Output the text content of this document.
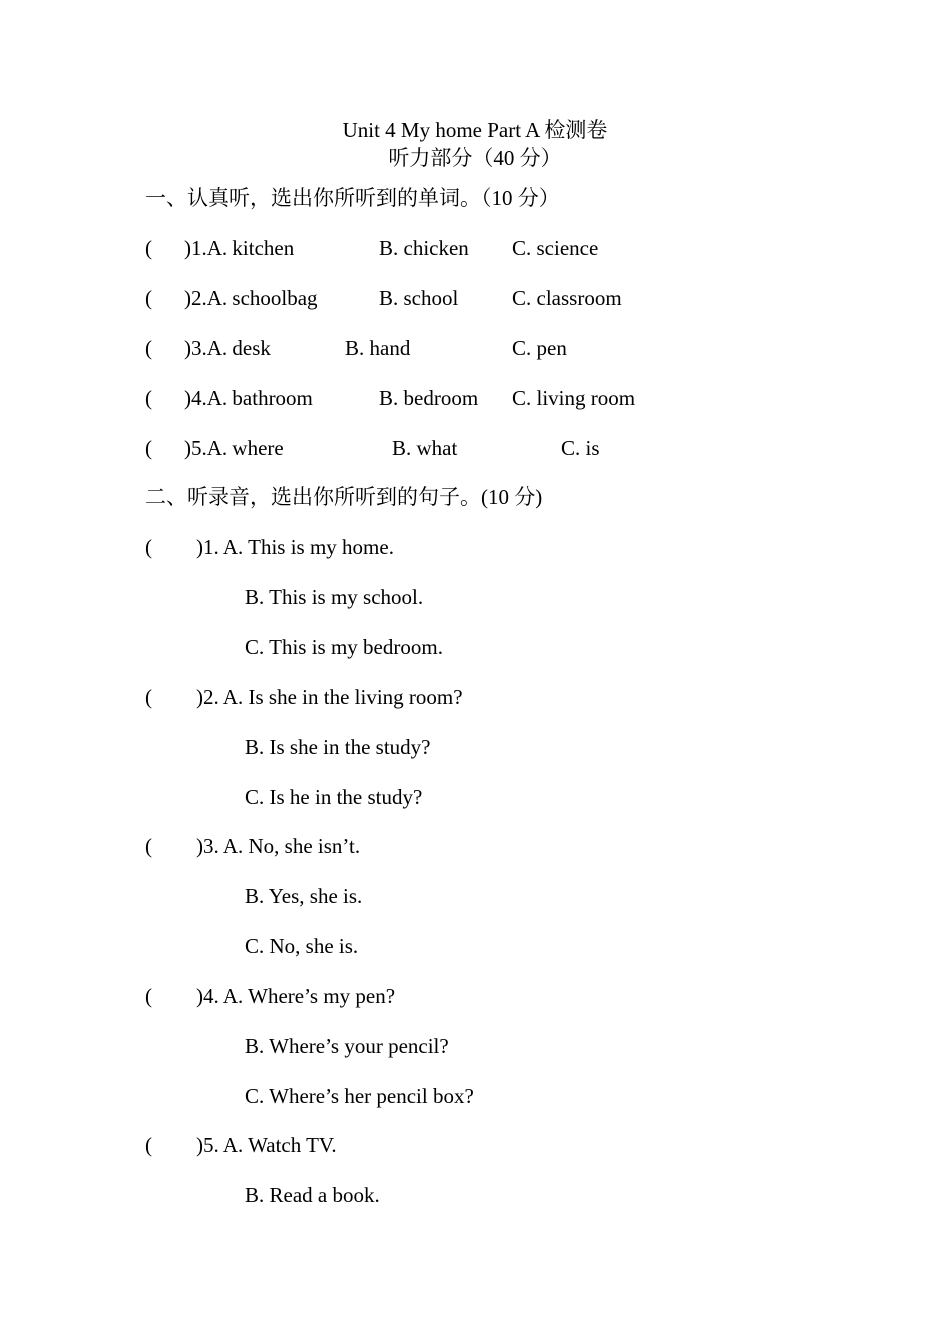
Unit 4 My home Part A 检测卷
听力部分（40 分）
一、认真听，选出你所听到的单词。（10 分）
( )1.A. kitchen	B. chicken C. science
( )2.A. schoolbag	B. school	C. classroom
( )3.A. desk	B. hand	C. pen
( )4.A. bathroom	B. bedroom C. living room
( )5.A. where	B. what	C. is
二、听录音，选出你所听到的句子。(10 分)
( )1. A. This is my home.
B. This is my school.
C. This is my bedroom.
( )2. A. Is she in the living room?
B. Is she in the study?
C. Is he in the study?
( )3. A. No, she isn’t.
B. Yes, she is.
C. No, she is.
( )4. A. Where’s my pen?
B. Where’s your pencil?
C. Where’s her pencil box?
( )5. A. Watch TV.
B. Read a book.
